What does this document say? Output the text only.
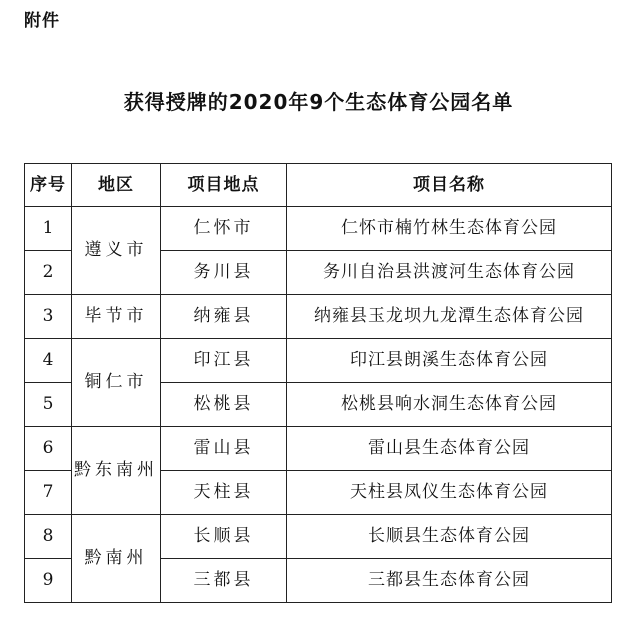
附件
获得授牌的2020年9个生态体育公园名单
序号	地区	项目地点	项目名称
1	遵义市	仁怀市	仁怀市楠竹林生态体育公园
2		务川县	务川自治县洪渡河生态体育公园
3	毕节市	纳雍县	纳雍县玉龙坝九龙潭生态体育公园
4	铜仁市	印江县	印江县朗溪生态体育公园
5		松桃县	松桃县响水洞生态体育公园
6	黔东南州	雷山县	雷山县生态体育公园
7		天柱县	天柱县凤仪生态体育公园
8	黔南州	长顺县	长顺县生态体育公园
9		三都县	三都县生态体育公园
